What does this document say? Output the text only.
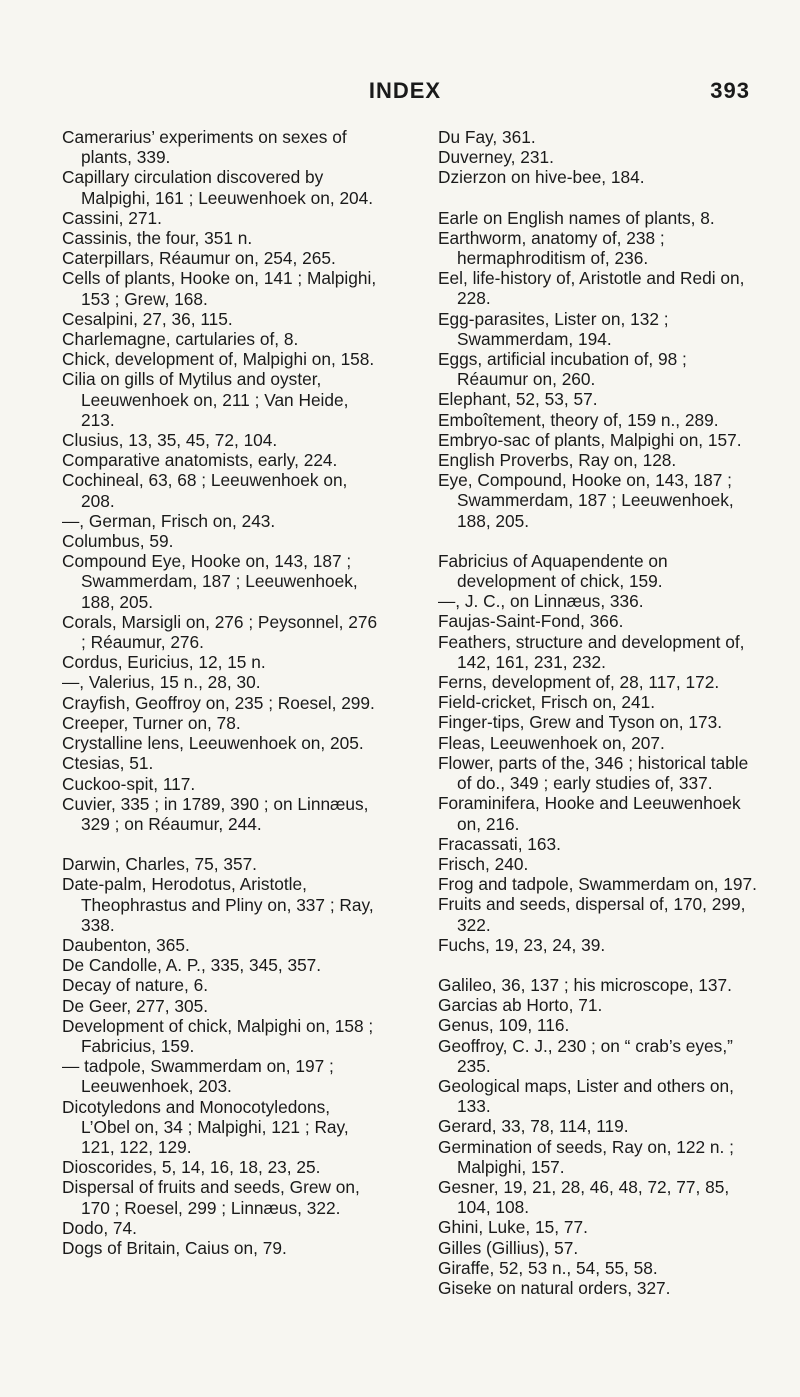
INDEX	393

Camerarius’ experiments on sexes of plants, 339.

Capillary circulation discovered by Malpighi, 161 ; Leeuwenhoek on, 204.

Cassini, 271.

Cassinis, the four, 351 n.

Caterpillars, Réaumur on, 254, 265.

Cells of plants, Hooke on, 141 ; Malpighi, 153 ; Grew, 168.

Cesalpini, 27, 36, 115.

Charlemagne, cartularies of, 8.

Chick, development of, Malpighi on, 158.

Cilia on gills of Mytilus and oyster, Leeuwenhoek on, 211 ; Van Heide, 213.

Clusius, 13, 35, 45, 72, 104.

Comparative anatomists, early, 224.

Cochineal, 63, 68 ; Leeuwenhoek on, 208.

—, German, Frisch on, 243.

Columbus, 59.

Compound Eye, Hooke on, 143, 187 ; Swammerdam, 187 ; Leeuwenhoek, 188, 205.

Corals, Marsigli on, 276 ; Peysonnel, 276 ; Réaumur, 276.

Cordus, Euricius, 12, 15 n.

—, Valerius, 15 n., 28, 30.

Crayfish, Geoffroy on, 235 ; Roesel, 299.

Creeper, Turner on, 78.

Crystalline lens, Leeuwenhoek on, 205.

Ctesias, 51.

Cuckoo-spit, 117.

Cuvier, 335 ; in 1789, 390 ; on Linnæus, 329 ; on Réaumur, 244.

Darwin, Charles, 75, 357.

Date-palm, Herodotus, Aristotle, Theophrastus and Pliny on, 337 ; Ray, 338.

Daubenton, 365.

De Candolle, A. P., 335, 345, 357.

Decay of nature, 6.

De Geer, 277, 305.

Development of chick, Malpighi on, 158 ; Fabricius, 159.

— tadpole, Swammerdam on, 197 ; Leeuwenhoek, 203.

Dicotyledons and Monocotyledons, L’Obel on, 34 ; Malpighi, 121 ; Ray, 121, 122, 129.

Dioscorides, 5, 14, 16, 18, 23, 25.

Dispersal of fruits and seeds, Grew on, 170 ; Roesel, 299 ; Linnæus, 322.

Dodo, 74.

Dogs of Britain, Caius on, 79.

Du Fay, 361.

Duverney, 231.

Dzierzon on hive-bee, 184.

Earle on English names of plants, 8.

Earthworm, anatomy of, 238 ; hermaphroditism of, 236.

Eel, life-history of, Aristotle and Redi on, 228.

Egg-parasites, Lister on, 132 ; Swammerdam, 194.

Eggs, artificial incubation of, 98 ; Réaumur on, 260.

Elephant, 52, 53, 57.

Emboîtement, theory of, 159 n., 289.

Embryo-sac of plants, Malpighi on, 157.

English Proverbs, Ray on, 128.

Eye, Compound, Hooke on, 143, 187 ; Swammerdam, 187 ; Leeuwenhoek, 188, 205.

Fabricius of Aquapendente on development of chick, 159.

—, J. C., on Linnæus, 336.

Faujas-Saint-Fond, 366.

Feathers, structure and development of, 142, 161, 231, 232.

Ferns, development of, 28, 117, 172.

Field-cricket, Frisch on, 241.

Finger-tips, Grew and Tyson on, 173.

Fleas, Leeuwenhoek on, 207.

Flower, parts of the, 346 ; historical table of do., 349 ; early studies of, 337.

Foraminifera, Hooke and Leeuwenhoek on, 216.

Fracassati, 163.

Frisch, 240.

Frog and tadpole, Swammerdam on, 197.

Fruits and seeds, dispersal of, 170, 299, 322.

Fuchs, 19, 23, 24, 39.

Galileo, 36, 137 ; his microscope, 137.

Garcias ab Horto, 71.

Genus, 109, 116.

Geoffroy, C. J., 230 ; on “ crab’s eyes,” 235.

Geological maps, Lister and others on, 133.

Gerard, 33, 78, 114, 119.

Germination of seeds, Ray on, 122 n. ; Malpighi, 157.

Gesner, 19, 21, 28, 46, 48, 72, 77, 85, 104, 108.

Ghini, Luke, 15, 77.

Gilles (Gillius), 57.

Giraffe, 52, 53 n., 54, 55, 58.

Giseke on natural orders, 327.
